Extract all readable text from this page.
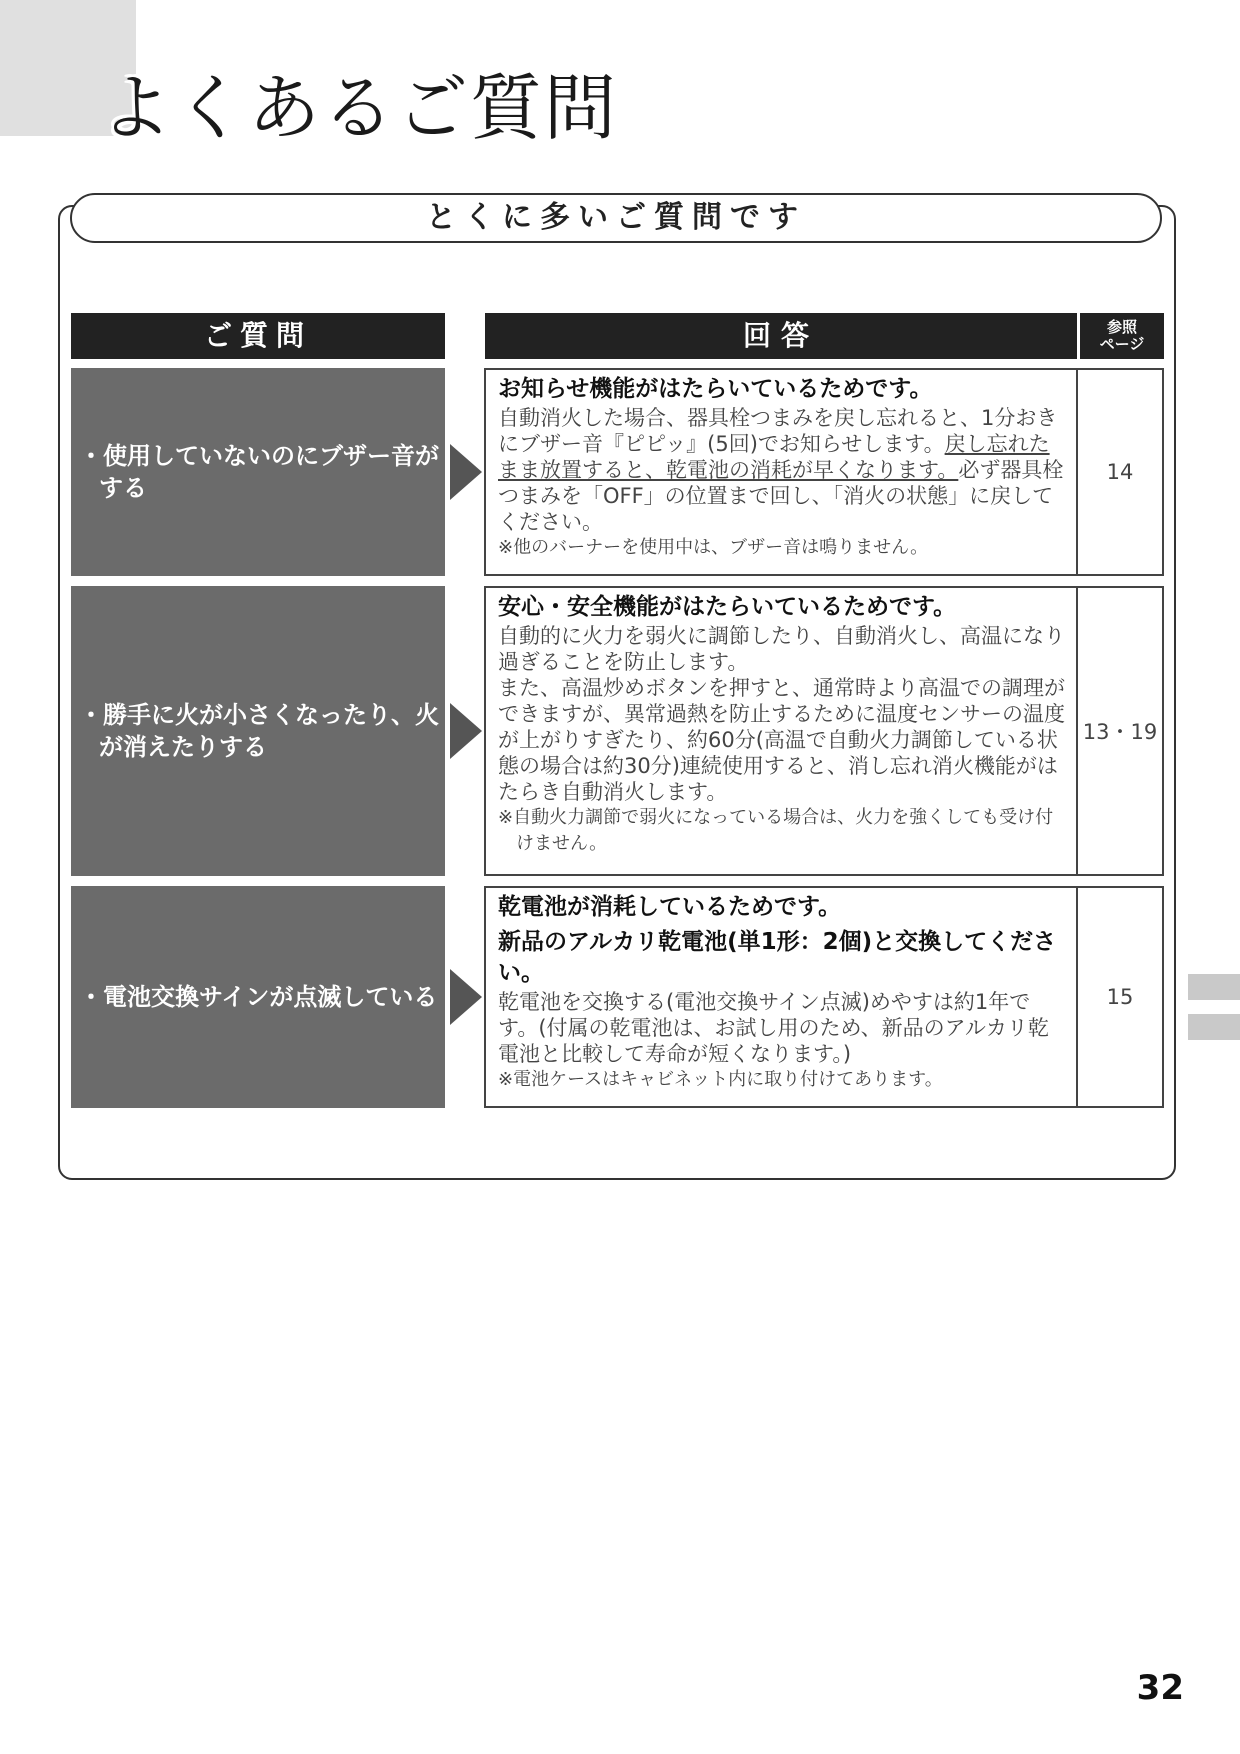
よくあるご質問
とくに多いご質問です
ご質問	回答	参照
ページ
・使用していないのにブザー音がする

お知らせ機能がはたらいているためです。

自動消火した場合、器具栓つまみを戻し忘れると、1分おきにブザー音『ピピッ』(5回)でお知らせします。戻し忘れたまま放置すると、乾電池の消耗が早くなります。必ず器具栓つまみを「OFF」の位置まで回し、「消火の状態」に戻してください。

※他のバーナーを使用中は、ブザー音は鳴りません。

14
・勝手に火が小さくなったり、火が消えたりする

安心・安全機能がはたらいているためです。

自動的に火力を弱火に調節したり、自動消火し、高温になり過ぎることを防止します。

また、高温炒めボタンを押すと、通常時より高温での調理ができますが、異常過熱を防止するために温度センサーの温度が上がりすぎたり、約60分(高温で自動火力調節している状態の場合は約30分)連続使用すると、消し忘れ消火機能がはたらき自動消火します。

※自動火力調節で弱火になっている場合は、火力を強くしても受け付けません。

13・19
・電池交換サインが点滅している

乾電池が消耗しているためです。

新品のアルカリ乾電池(単1形：2個)と交換してください。

乾電池を交換する(電池交換サイン点滅)めやすは約1年です。(付属の乾電池は、お試し用のため、新品のアルカリ乾電池と比較して寿命が短くなります。)

※電池ケースはキャビネット内に取り付けてあります。

15
32
